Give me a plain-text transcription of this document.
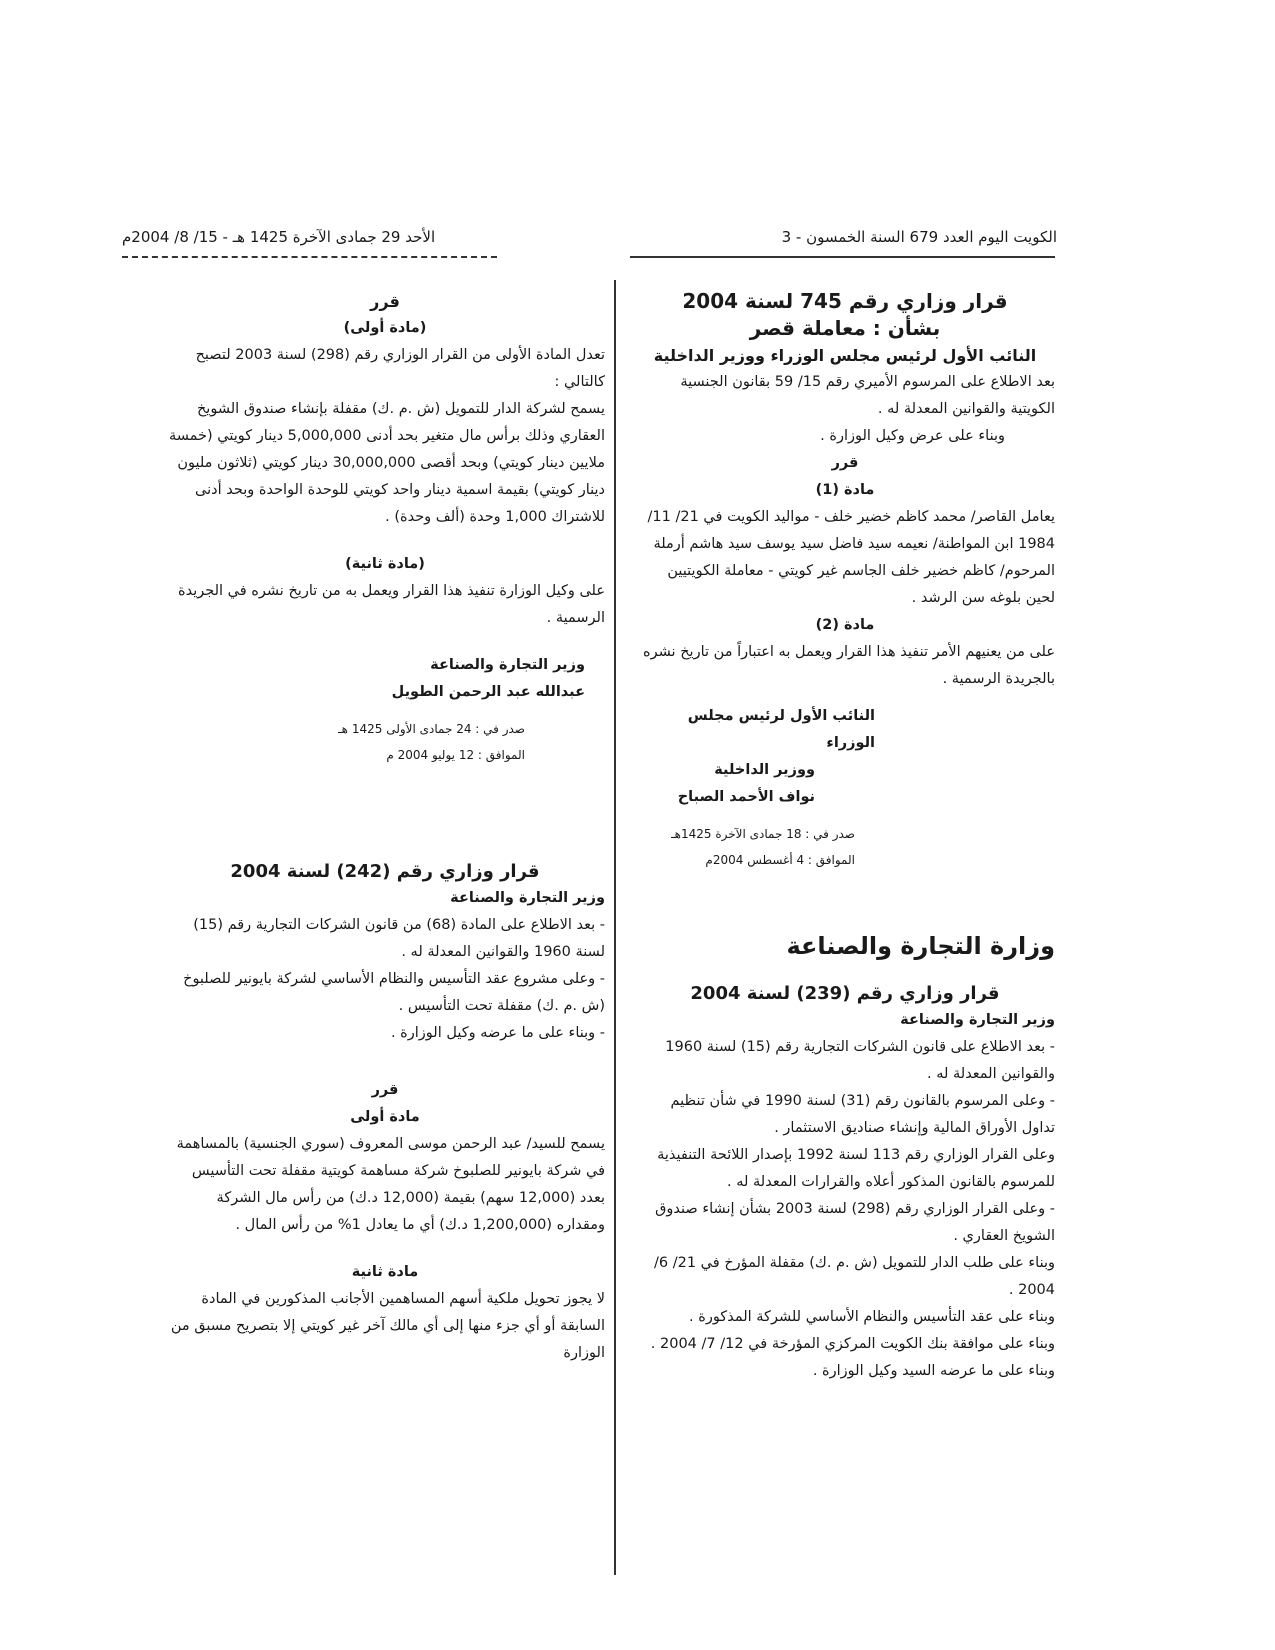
الكويت اليوم العدد 679 السنة الخمسون - 3
الأحد 29 جمادى الآخرة 1425 هـ - 15/ 8/ 2004م

قرار وزاري رقم 745 لسنة 2004

بشأن : معاملة قصر

النائب الأول لرئيس مجلس الوزراء ووزير الداخلية

بعد الاطلاع على المرسوم الأميري رقم 15/ 59 بقانون الجنسية الكويتية والقوانين المعدلة له .

وبناء على عرض وكيل الوزارة .

قرر

مادة (1)

يعامل القاصر/ محمد كاظم خضير خلف - مواليد الكويت في 21/ 11/ 1984 ابن المواطنة/ نعيمه سيد فاضل سيد يوسف سيد هاشم أرملة المرحوم/ كاظم خضير خلف الجاسم غير كويتي - معاملة الكويتيين لحين بلوغه سن الرشد .

مادة (2)

على من يعنيهم الأمر تنفيذ هذا القرار ويعمل به اعتباراً من تاريخ نشره بالجريدة الرسمية .

النائب الأول لرئيس مجلس الوزراء

ووزير الداخلية

نواف الأحمد الصباح

صدر في : 18 جمادى الآخرة 1425هـ

الموافق : 4 أغسطس 2004م

وزارة التجارة والصناعة

قرار وزاري رقم (239) لسنة 2004

وزير التجارة والصناعة

- بعد الاطلاع على قانون الشركات التجارية رقم (15) لسنة 1960 والقوانين المعدلة له .

- وعلى المرسوم بالقانون رقم (31) لسنة 1990 في شأن تنظيم تداول الأوراق المالية وإنشاء صناديق الاستثمار .

وعلى القرار الوزاري رقم 113 لسنة 1992 بإصدار اللائحة التنفيذية للمرسوم بالقانون المذكور أعلاه والقرارات المعدلة له .

- وعلى القرار الوزاري رقم (298) لسنة 2003 بشأن إنشاء صندوق الشويخ العقاري .

وبناء على طلب الدار للتمويل (ش .م .ك) مقفلة المؤرخ في 21/ 6/ 2004 .

وبناء على عقد التأسيس والنظام الأساسي للشركة المذكورة .

وبناء على موافقة بنك الكويت المركزي المؤرخة في 12/ 7/ 2004 .

وبناء على ما عرضه السيد وكيل الوزارة .

قرر

(مادة أولى)

تعدل المادة الأولى من القرار الوزاري رقم (298) لسنة 2003 لتصبح كالتالي :

يسمح لشركة الدار للتمويل (ش .م .ك) مقفلة بإنشاء صندوق الشويخ العقاري وذلك برأس مال متغير بحد أدنى 5,000,000 دينار كويتي (خمسة ملايين دينار كويتي) وبحد أقصى 30,000,000 دينار كويتي (ثلاثون مليون دينار كويتي) بقيمة اسمية دينار واحد كويتي للوحدة الواحدة وبحد أدنى للاشتراك 1,000 وحدة (ألف وحدة) .

(مادة ثانية)

على وكيل الوزارة تنفيذ هذا القرار ويعمل به من تاريخ نشره في الجريدة الرسمية .

وزير التجارة والصناعة

عبدالله عبد الرحمن الطويل

صدر في : 24 جمادى الأولى 1425 هـ

الموافق : 12 يوليو 2004 م

قرار وزاري رقم (242) لسنة 2004

وزير التجارة والصناعة

- بعد الاطلاع على المادة (68) من قانون الشركات التجارية رقم (15) لسنة 1960 والقوانين المعدلة له .

- وعلى مشروع عقد التأسيس والنظام الأساسي لشركة بايونير للصلبوخ (ش .م .ك) مقفلة تحت التأسيس .

- وبناء على ما عرضه وكيل الوزارة .

قرر

مادة أولى

يسمح للسيد/ عبد الرحمن موسى المعروف (سوري الجنسية) بالمساهمة في شركة بايونير للصلبوخ شركة مساهمة كويتية مقفلة تحت التأسيس بعدد (12,000 سهم) بقيمة (12,000 د.ك) من رأس مال الشركة ومقداره (1,200,000 د.ك) أي ما يعادل 1% من رأس المال .

مادة ثانية

لا يجوز تحويل ملكية أسهم المساهمين الأجانب المذكورين في المادة السابقة أو أي جزء منها إلى أي مالك آخر غير كويتي إلا بتصريح مسبق من الوزارة
